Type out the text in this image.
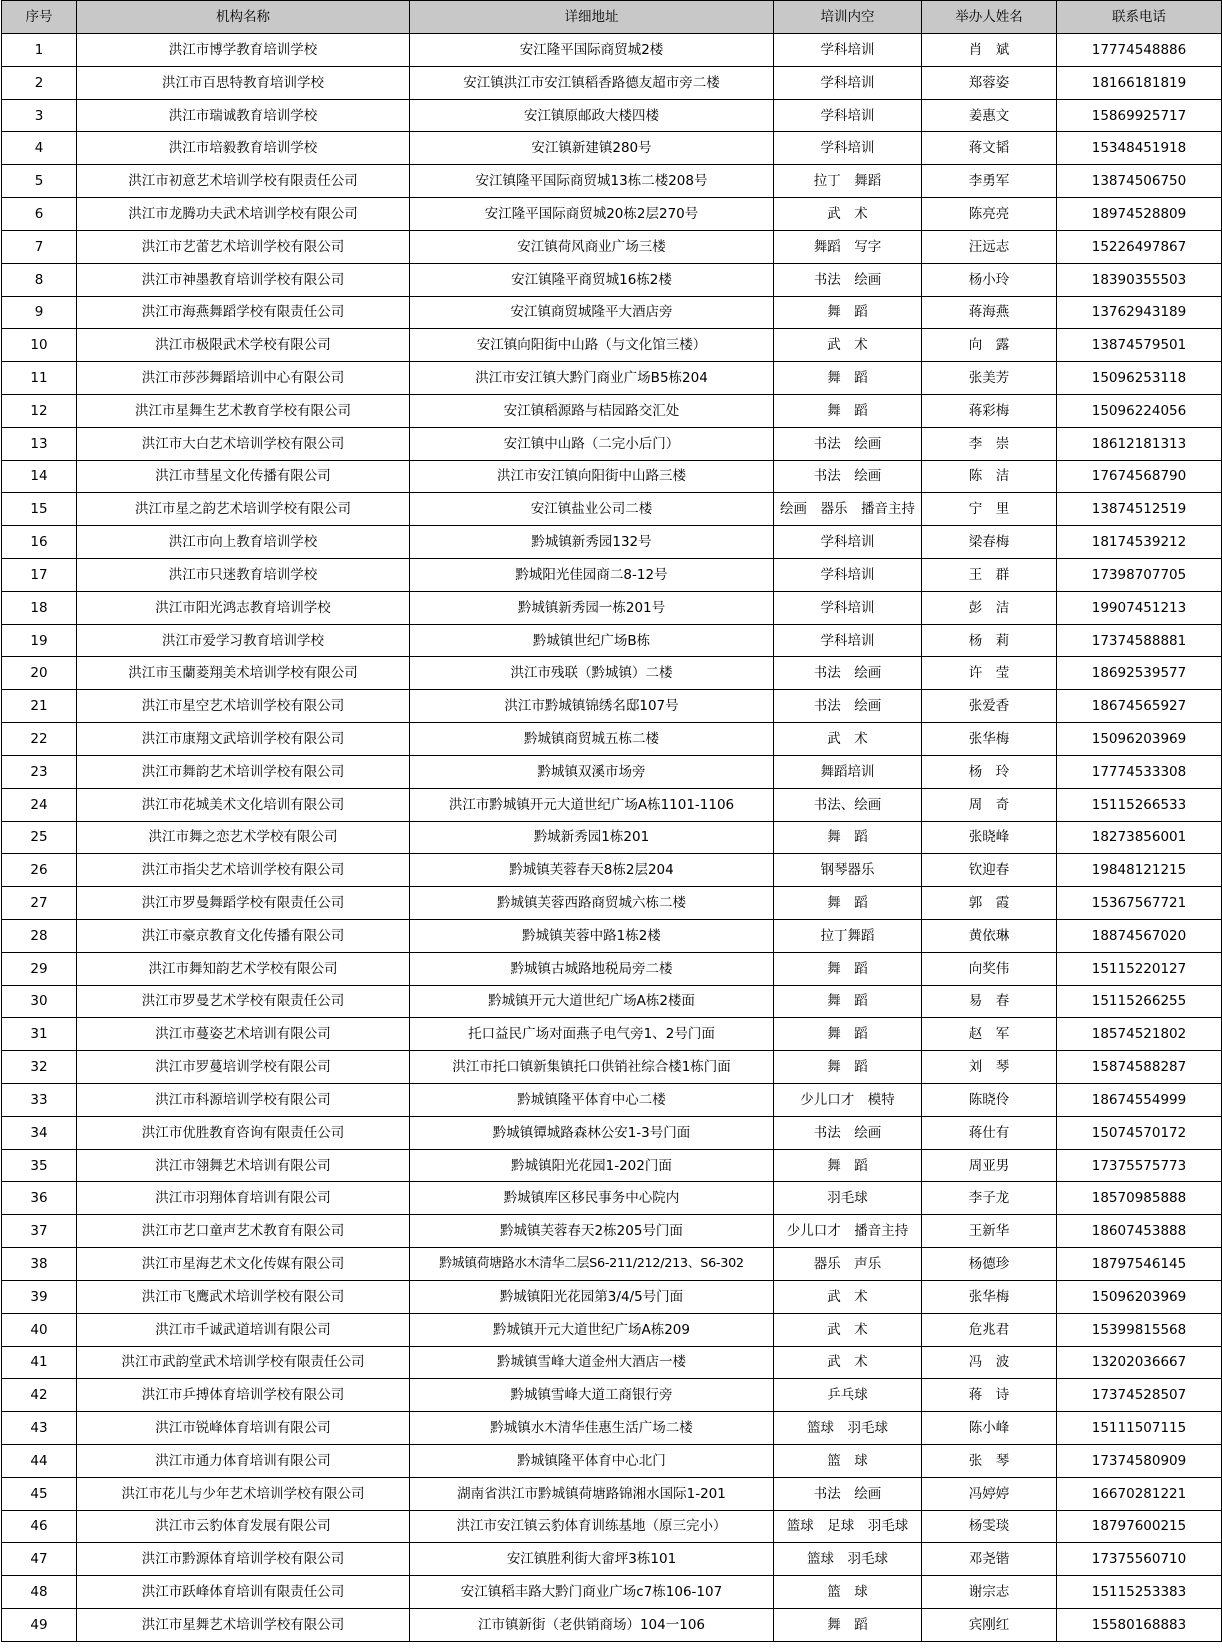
序号	机构名称	详细地址	培训内空	举办人姓名	联系电话
1	洪江市博学教育培训学校	安江隆平国际商贸城2楼	学科培训	肖　斌	17774548886
2	洪江市百思特教育培训学校	安江镇洪江市安江镇稻香路德友超市旁二楼	学科培训	郑蓉姿	18166181819
3	洪江市瑞诚教育培训学校	安江镇原邮政大楼四楼	学科培训	姜惠文	15869925717
4	洪江市培毅教育培训学校	安江镇新建镇280号	学科培训	蒋文韬	15348451918
5	洪江市初意艺术培训学校有限责任公司	安江镇隆平国际商贸城13栋二楼208号	拉丁　舞蹈	李勇军	13874506750
6	洪江市龙腾功夫武术培训学校有限公司	安江隆平国际商贸城20栋2层270号	武　术	陈亮亮	18974528809
7	洪江市艺蕾艺术培训学校有限公司	安江镇荷风商业广场三楼	舞蹈　写字	汪远志	15226497867
8	洪江市神墨教育培训学校有限公司	安江镇隆平商贸城16栋2楼	书法　绘画	杨小玲	18390355503
9	洪江市海燕舞蹈学校有限责任公司	安江镇商贸城隆平大酒店旁	舞　蹈	蒋海燕	13762943189
10	洪江市极限武术学校有限公司	安江镇向阳街中山路（与文化馆三楼）	武　术	向　露	13874579501
11	洪江市莎莎舞蹈培训中心有限公司	洪江市安江镇大黔门商业广场B5栋204	舞　蹈	张美芳	15096253118
12	洪江市星舞生艺术教育学校有限公司	安江镇稻源路与桔园路交汇处	舞　蹈	蒋彩梅	15096224056
13	洪江市大白艺术培训学校有限公司	安江镇中山路（二完小后门）	书法　绘画	李　崇	18612181313
14	洪江市彗星文化传播有限公司	洪江市安江镇向阳街中山路三楼	书法　绘画	陈　洁	17674568790
15	洪江市星之韵艺术培训学校有限公司	安江镇盐业公司二楼	绘画　器乐　播音主持	宁　里	13874512519
16	洪江市向上教育培训学校	黔城镇新秀园132号	学科培训	梁春梅	18174539212
17	洪江市只迷教育培训学校	黔城阳光佳园商二8-12号	学科培训	王　群	17398707705
18	洪江市阳光鸿志教育培训学校	黔城镇新秀园一栋201号	学科培训	彭　洁	19907451213
19	洪江市爱学习教育培训学校	黔城镇世纪广场B栋	学科培训	杨　莉	17374588881
20	洪江市玉蘭菱翔美术培训学校有限公司	洪江市残联（黔城镇）二楼	书法　绘画	许　莹	18692539577
21	洪江市星空艺术培训学校有限公司	洪江市黔城镇锦绣名邸107号	书法　绘画	张爱香	18674565927
22	洪江市康翔文武培训学校有限公司	黔城镇商贸城五栋二楼	武　术	张华梅	15096203969
23	洪江市舞韵艺术培训学校有限公司	黔城镇双溪市场旁	舞蹈培训	杨　玲	17774533308
24	洪江市花城美术文化培训有限公司	洪江市黔城镇开元大道世纪广场A栋1101-1106	书法、绘画	周　奇	15115266533
25	洪江市舞之恋艺术学校有限公司	黔城新秀园1栋201	舞　蹈	张晓峰	18273856001
26	洪江市指尖艺术培训学校有限公司	黔城镇芙蓉春天8栋2层204	钢琴器乐	钦迎春	19848121215
27	洪江市罗曼舞蹈学校有限责任公司	黔城镇芙蓉西路商贸城六栋二楼	舞　蹈	郭　霞	15367567721
28	洪江市豪京教育文化传播有限公司	黔城镇芙蓉中路1栋2楼	拉丁舞蹈	黄依琳	18874567020
29	洪江市舞知韵艺术学校有限公司	黔城镇古城路地税局旁二楼	舞　蹈	向奖伟	15115220127
30	洪江市罗曼艺术学校有限责任公司	黔城镇开元大道世纪广场A栋2楼面	舞　蹈	易　春	15115266255
31	洪江市蔓姿艺术培训有限公司	托口益民广场对面燕子电气旁1、2号门面	舞　蹈	赵　军	18574521802
32	洪江市罗蔓培训学校有限公司	洪江市托口镇新集镇托口供销社综合楼1栋门面	舞　蹈	刘　琴	15874588287
33	洪江市科源培训学校有限公司	黔城镇隆平体育中心二楼	少儿口才　模特	陈晓伶	18674554999
34	洪江市优胜教育咨询有限责任公司	黔城镇镡城路森林公安1-3号门面	书法　绘画	蒋仕有	15074570172
35	洪江市翎舞艺术培训有限公司	黔城镇阳光花园1-202门面	舞　蹈	周亚男	17375575773
36	洪江市羽翔体育培训有限公司	黔城镇库区移民事务中心院内	羽毛球	李子龙	18570985888
37	洪江市艺口童声艺术教育有限公司	黔城镇芙蓉春天2栋205号门面	少儿口才　播音主持	王新华	18607453888
38	洪江市星海艺术文化传媒有限公司	黔城镇荷塘路水木清华二层S6-211/212/213、S6-302	器乐　声乐	杨德珍	18797546145
39	洪江市飞鹰武术培训学校有限公司	黔城镇阳光花园第3/4/5号门面	武　术	张华梅	15096203969
40	洪江市千诚武道培训有限公司	黔城镇开元大道世纪广场A栋209	武　术	危兆君	15399815568
41	洪江市武韵堂武术培训学校有限责任公司	黔城镇雪峰大道金州大酒店一楼	武　术	冯　波	13202036667
42	洪江市乒搏体育培训学校有限公司	黔城镇雪峰大道工商银行旁	乒乓球	蒋　诗	17374528507
43	洪江市锐峰体育培训有限公司	黔城镇水木清华佳惠生活广场二楼	篮球　羽毛球	陈小峰	15111507115
44	洪江市通力体育培训有限公司	黔城镇隆平体育中心北门	篮　球	张　琴	17374580909
45	洪江市花儿与少年艺术培训学校有限公司	湖南省洪江市黔城镇荷塘路锦湘水国际1-201	书法　绘画	冯婷婷	16670281221
46	洪江市云豹体育发展有限公司	洪江市安江镇云豹体育训练基地（原三完小）	篮球　足球　羽毛球	杨雯琰	18797600215
47	洪江市黔源体育培训学校有限公司	安江镇胜利街大畲坪3栋101	篮球　羽毛球	邓尧锴	17375560710
48	洪江市跃峰体育培训有限责任公司	安江镇稻丰路大黔门商业广场c7栋106-107	篮　球	谢宗志	15115253383
49	洪江市星舞艺术培训学校有限公司	江市镇新街（老供销商场）104一106	舞　蹈	宾刚红	15580168883
